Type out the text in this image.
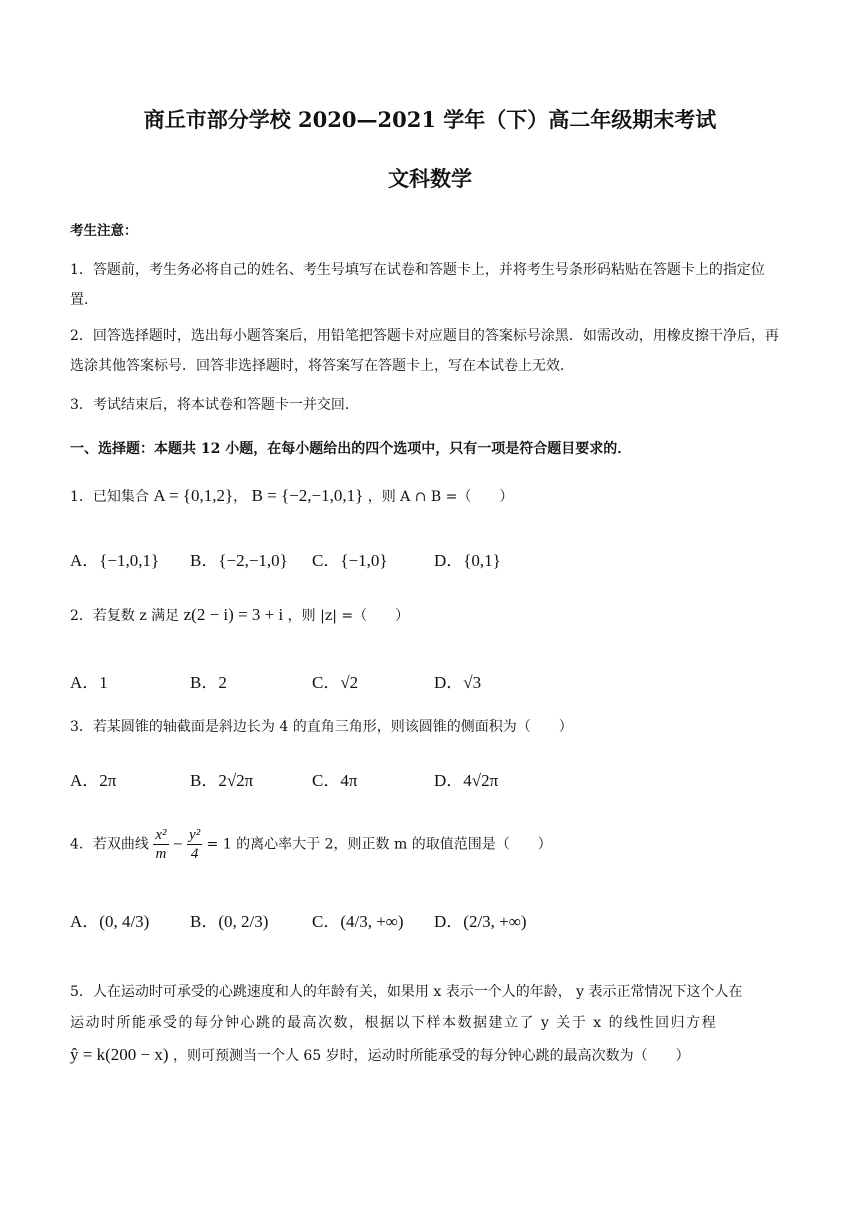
商丘市部分学校 2020—2021 学年（下）高二年级期末考试
文科数学
考生注意：
1．答题前，考生务必将自己的姓名、考生号填写在试卷和答题卡上，并将考生号条形码粘贴在答题卡上的指定位置．
2．回答选择题时，选出每小题答案后，用铅笔把答题卡对应题目的答案标号涂黑．如需改动，用橡皮擦干净后，再选涂其他答案标号．回答非选择题时，将答案写在答题卡上，写在本试卷上无效．
3．考试结束后，将本试卷和答题卡一并交回．
一、选择题：本题共 12 小题，在每小题给出的四个选项中，只有一项是符合题目要求的．
1．已知集合 A = {0,1,2}， B = {−2,−1,0,1} ，则 A ∩ B =（　　）
A．{−1,0,1} B．{−2,−1,0} C．{−1,0}	D．{0,1}
2．若复数 z 满足 z(2 − i) = 3 + i ，则 |z| =（　　）
A．1	B．2	C．√2	D．√3
3．若某圆锥的轴截面是斜边长为 4 的直角三角形，则该圆锥的侧面积为（　　）
A．2π	B．2√2π	C．4π	D．4√2π
4．若双曲线 $\frac{\text{x²}}{m} - \frac{\text{y²}}{4} = 1$ 的离心率大于 2，则正数 m 的取值范围是（　　）
A．(0, 4/3) B．(0, 2/3)	C．(4/3, +∞) D．(2/3, +∞)
5．人在运动时可承受的心跳速度和人的年龄有关，如果用 x 表示一个人的年龄， y 表示正常情况下这个人在
运动时所能承受的每分钟心跳的最高次数，根据以下样本数据建立了 y 关于 x 的线性回归方程
ŷ = k(200 − x) ，则可预测当一个人 65 岁时，运动时所能承受的每分钟心跳的最高次数为（　　）
